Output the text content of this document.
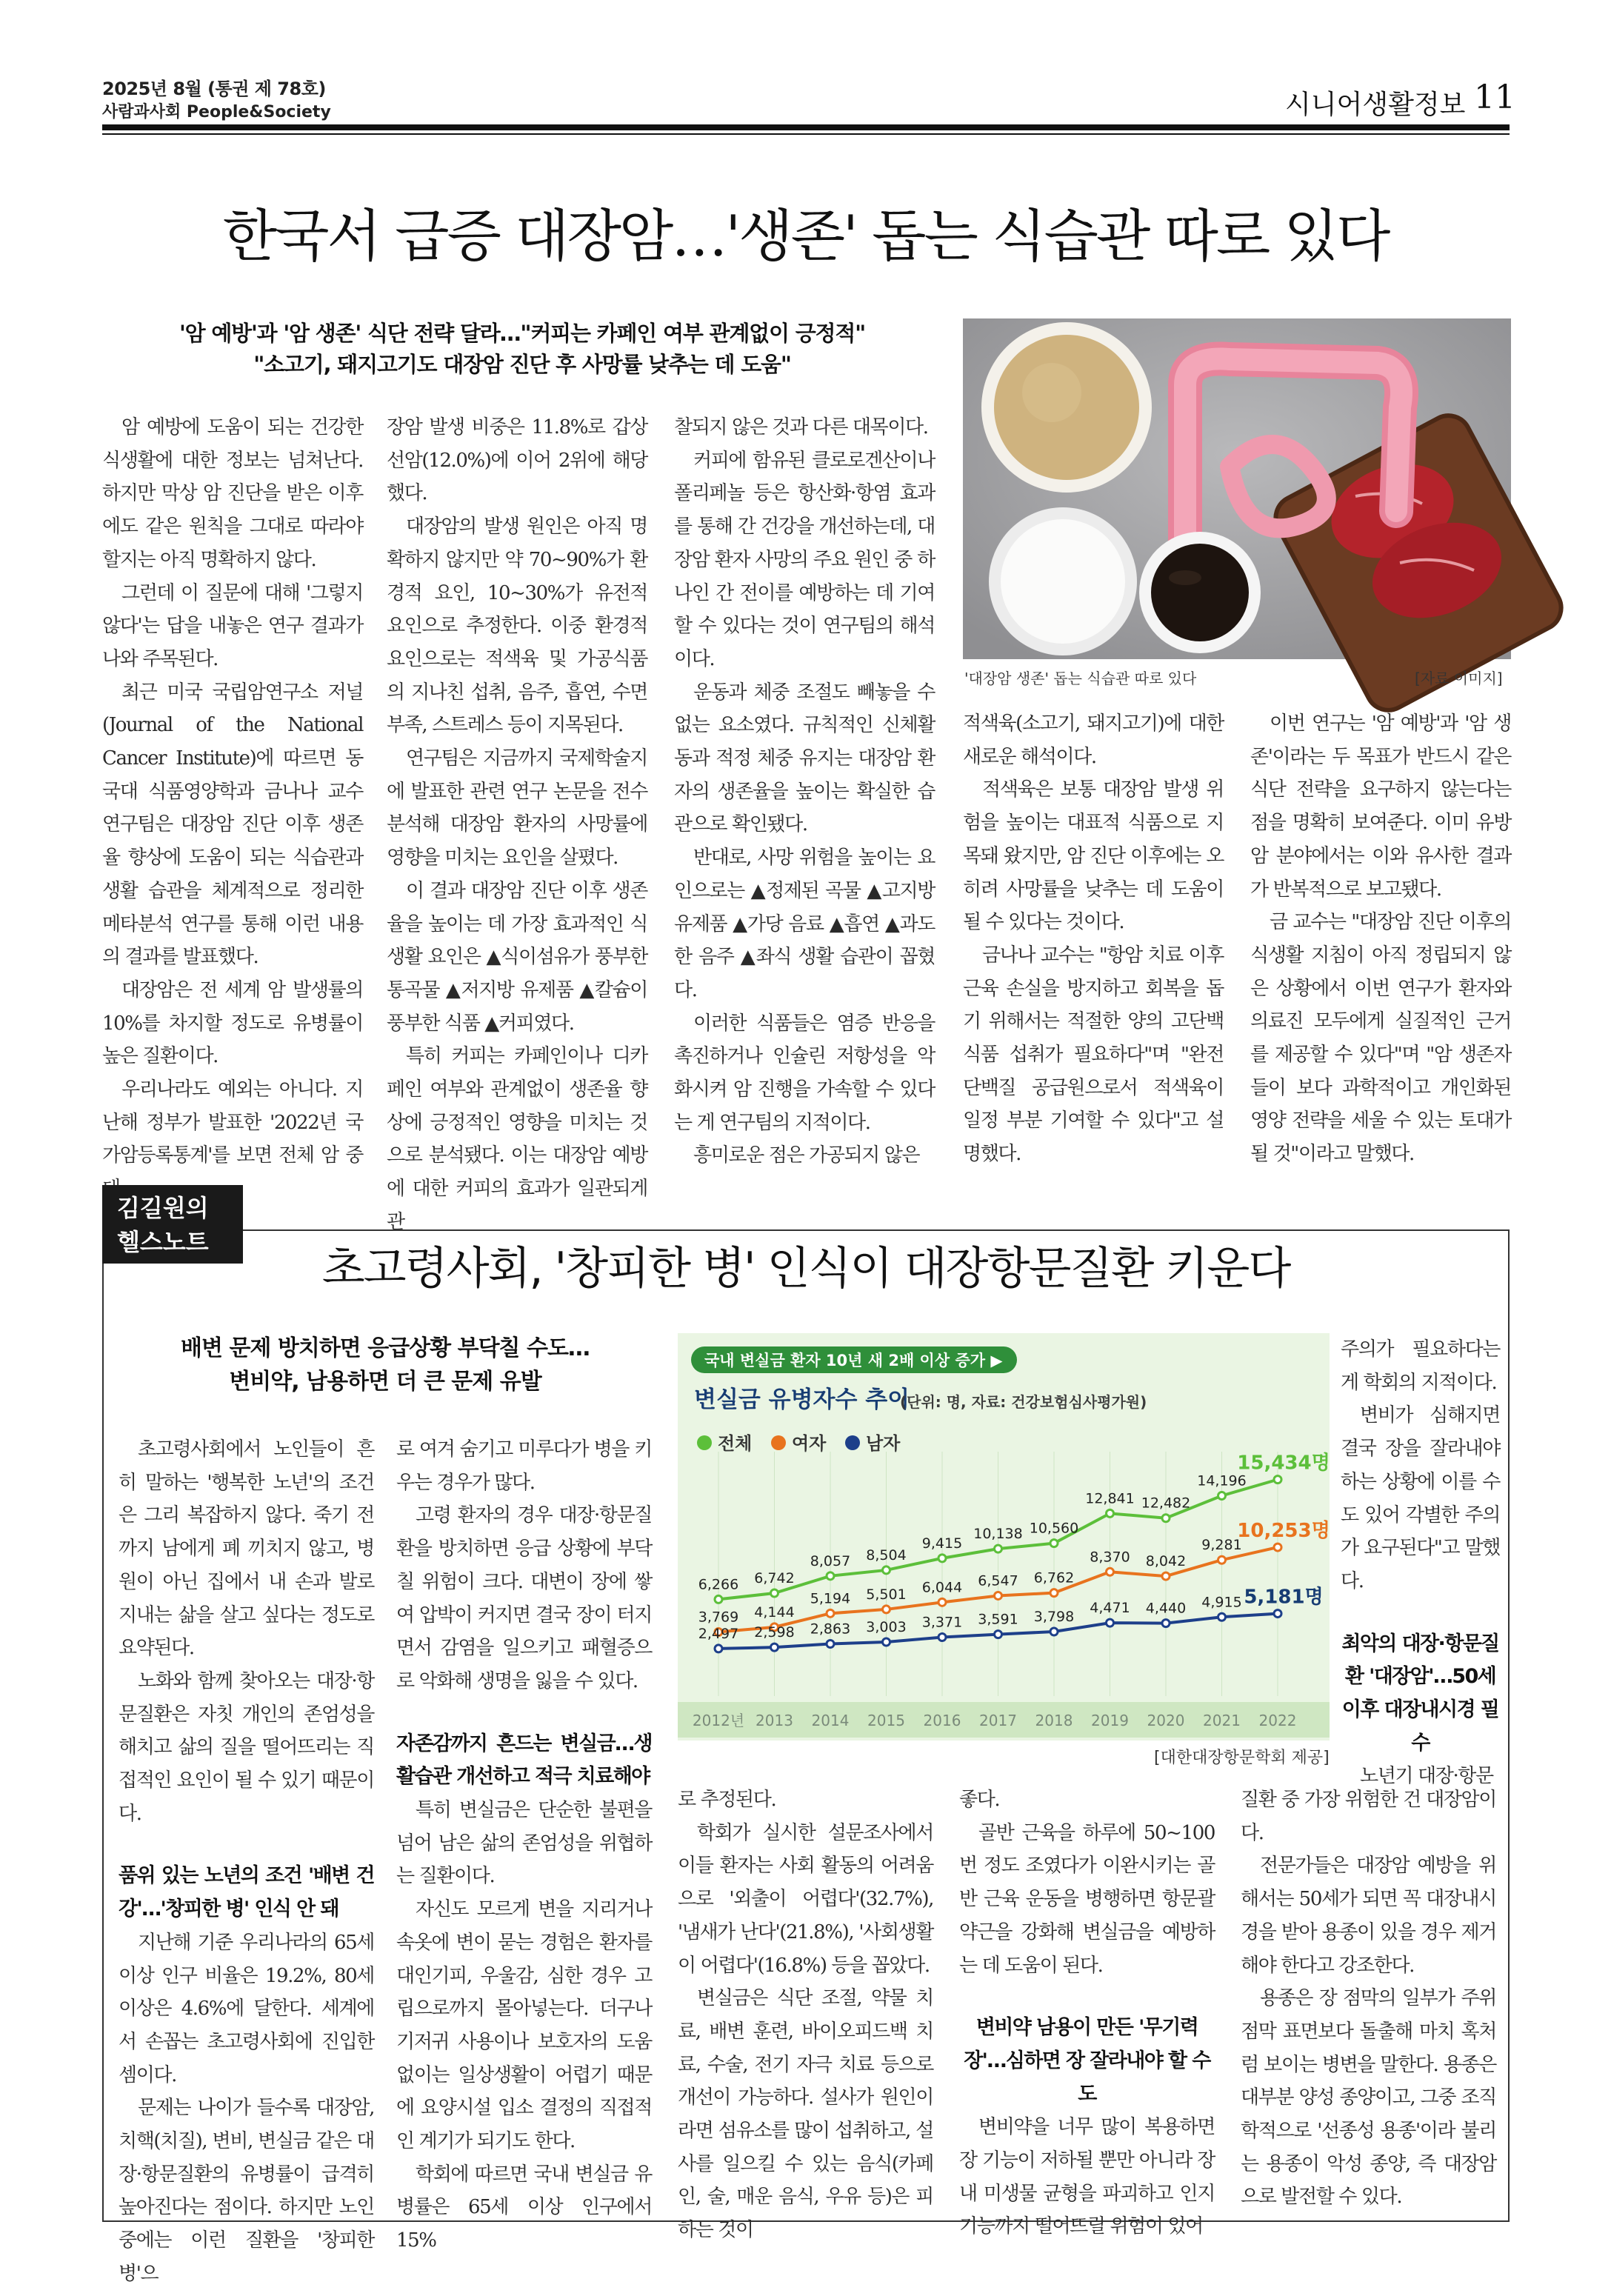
2025년 8월 (통권 제 78호)
사람과사회 People&Society	시니어생활정보 11
한국서 급증 대장암…'생존' 돕는 식습관 따로 있다
'암 예방'과 '암 생존' 식단 전략 달라…"커피는 카페인 여부 관계없이 긍정적"
"소고기, 돼지고기도 대장암 진단 후 사망률 낮추는 데 도움"
'대장암 생존' 돕는 식습관 따로 있다	[자료 이미지]

암 예방에 도움이 되는 건강한 식생활에 대한 정보는 넘쳐난다. 하지만 막상 암 진단을 받은 이후에도 같은 원칙을 그대로 따라야 할지는 아직 명확하지 않다.

그런데 이 질문에 대해 '그렇지 않다'는 답을 내놓은 연구 결과가 나와 주목된다.

최근 미국 국립암연구소 저널(Journal of the National Cancer Institute)에 따르면 동국대 식품영양학과 금나나 교수 연구팀은 대장암 진단 이후 생존율 향상에 도움이 되는 식습관과 생활 습관을 체계적으로 정리한 메타분석 연구를 통해 이런 내용의 결과를 발표했다.

대장암은 전 세계 암 발생률의 10%를 차지할 정도로 유병률이 높은 질환이다.

우리나라도 예외는 아니다. 지난해 정부가 발표한 '2022년 국가암등록통계'를 보면 전체 암 중

장암 발생 비중은 11.8%로 갑상선암(12.0%)에 이어 2위에 해당했다.

대장암의 발생 원인은 아직 명확하지 않지만 약 70~90%가 환경적 요인, 10~30%가 유전적 요인으로 추정한다. 이중 환경적 요인으로는 적색육 및 가공식품의 지나친 섭취, 음주, 흡연, 수면 부족, 스트레스 등이 지목된다.

연구팀은 지금까지 국제학술지에 발표한 관련 연구 논문을 전수 분석해 대장암 환자의 사망률에 영향을 미치는 요인을 살폈다.

이 결과 대장암 진단 이후 생존율을 높이는 데 가장 효과적인 식생활 요인은 ▲식이섬유가 풍부한 통곡물 ▲저지방 유제품 ▲칼슘이 풍부한 식품 ▲커피였다.

특히 커피는 카페인이나 디카페인 여부와 관계없이 생존율 향상에 긍정적인 영향을 미치는 것으로 분석됐다. 이는 대장암 예방에 대한 커피의 효과가 일관되게 관

찰되지 않은 것과 다른 대목이다.

커피에 함유된 클로로겐산이나 폴리페놀 등은 항산화·항염 효과를 통해 간 건강을 개선하는데, 대장암 환자 사망의 주요 원인 중 하나인 간 전이를 예방하는 데 기여할 수 있다는 것이 연구팀의 해석이다.

운동과 체중 조절도 빼놓을 수 없는 요소였다. 규칙적인 신체활동과 적정 체중 유지는 대장암 환자의 생존율을 높이는 확실한 습관으로 확인됐다.

반대로, 사망 위험을 높이는 요인으로는 ▲정제된 곡물 ▲고지방 유제품 ▲가당 음료 ▲흡연 ▲과도한 음주 ▲좌식 생활 습관이 꼽혔다.

이러한 식품들은 염증 반응을 촉진하거나 인슐린 저항성을 악화시켜 암 진행을 가속할 수 있다는 게 연구팀의 지적이다.

흥미로운 점은 가공되지 않은

적색육(소고기, 돼지고기)에 대한 새로운 해석이다.

적색육은 보통 대장암 발생 위험을 높이는 대표적 식품으로 지목돼 왔지만, 암 진단 이후에는 오히려 사망률을 낮추는 데 도움이 될 수 있다는 것이다.

금나나 교수는 "항암 치료 이후 근육 손실을 방지하고 회복을 돕기 위해서는 적절한 양의 고단백 식품 섭취가 필요하다"며 "완전 단백질 공급원으로서 적색육이 일정 부분 기여할 수 있다"고 설명했다.

이번 연구는 '암 예방'과 '암 생존'이라는 두 목표가 반드시 같은 식단 전략을 요구하지 않는다는 점을 명확히 보여준다. 이미 유방암 분야에서는 이와 유사한 결과가 반복적으로 보고됐다.

금 교수는 "대장암 진단 이후의 식생활 지침이 아직 정립되지 않은 상황에서 이번 연구가 환자와 의료진 모두에게 실질적인 근거를 제공할 수 있다"며 "암 생존자들이 보다 과학적이고 개인화된 영양 전략을 세울 수 있는 토대가 될 것"이라고 말했다.

김길원의
헬스노트
초고령사회, '창피한 병' 인식이 대장항문질환 키운다
배변 문제 방치하면 응급상황 부닥칠 수도…
변비약, 남용하면 더 큰 문제 유발
국내 변실금 환자 10년 새 2배 이상 증가 ▶
변실금 유병자수 추이
(단위: 명, 자료: 건강보험심사평가원)
전체 여자 남자
2012년 2013 2014 2015 2016 2017 2018 2019 2020 2021 2022
6,266 6,742
8,057 8,504
9,415
10,138 10,560
12,841 12,482
14,196
15,434명
3,769 4,144
5,194 5,501 6,044 6,547 6,762
8,370 8,042
9,281
10,253명
2,497 2,598 2,863 3,003 3,371 3,591 3,798
4,471 4,440 4,915 5,181명
[대한대장항문학회 제공]

초고령사회에서 노인들이 흔히 말하는 '행복한 노년'의 조건은 그리 복잡하지 않다. 죽기 전까지 남에게 폐 끼치지 않고, 병원이 아닌 집에서 내 손과 발로 지내는 삶을 살고 싶다는 정도로 요약된다.

노화와 함께 찾아오는 대장·항문질환은 자칫 개인의 존엄성을 해치고 삶의 질을 떨어뜨리는 직접적인 요인이 될 수 있기 때문이다.

품위 있는 노년의 조건 '배변 건강'…'창피한 병' 인식 안 돼

지난해 기준 우리나라의 65세 이상 인구 비율은 19.2%, 80세 이상은 4.6%에 달한다. 세계에서 손꼽는 초고령사회에 진입한 셈이다.

문제는 나이가 들수록 대장암, 치핵(치질), 변비, 변실금 같은 대장·항문질환의 유병률이 급격히 높아진다는 점이다. 하지만 노인 중에는 이런 질환을 '창피한 병'으

로 여겨 숨기고 미루다가 병을 키우는 경우가 많다.

고령 환자의 경우 대장·항문질환을 방치하면 응급 상황에 부닥칠 위험이 크다. 대변이 장에 쌓여 압박이 커지면 결국 장이 터지면서 감염을 일으키고 패혈증으로 악화해 생명을 잃을 수 있다.

자존감까지 흔드는 변실금…생활습관 개선하고 적극 치료해야

특히 변실금은 단순한 불편을 넘어 남은 삶의 존엄성을 위협하는 질환이다.

자신도 모르게 변을 지리거나 속옷에 변이 묻는 경험은 환자를 대인기피, 우울감, 심한 경우 고립으로까지 몰아넣는다. 더구나 기저귀 사용이나 보호자의 도움 없이는 일상생활이 어렵기 때문에 요양시설 입소 결정의 직접적인 계기가 되기도 한다.

학회에 따르면 국내 변실금 유병률은 65세 이상 인구에서 15%

로 추정된다.

학회가 실시한 설문조사에서 이들 환자는 사회 활동의 어려움으로 '외출이 어렵다'(32.7%), '냄새가 난다'(21.8%), '사회생활이 어렵다'(16.8%) 등을 꼽았다.

변실금은 식단 조절, 약물 치료, 배변 훈련, 바이오피드백 치료, 수술, 전기 자극 치료 등으로 개선이 가능하다. 설사가 원인이라면 섬유소를 많이 섭취하고, 설사를 일으킬 수 있는 음식(카페인, 술, 매운 음식, 우유 등)은 피하는 것이

좋다.

골반 근육을 하루에 50~100번 정도 조였다가 이완시키는 골반 근육 운동을 병행하면 항문괄약근을 강화해 변실금을 예방하는 데 도움이 된다.

변비약 남용이 만든 '무기력장'…심하면 장 잘라내야 할 수도

변비약을 너무 많이 복용하면 장 기능이 저하될 뿐만 아니라 장 내 미생물 균형을 파괴하고 인지 기능까지 떨어뜨릴 위험이 있어

주의가 필요하다는 게 학회의 지적이다.

변비가 심해지면 결국 장을 잘라내야 하는 상황에 이를 수도 있어 각별한 주의가 요구된다"고 말했다.

최악의 대장·항문질환 '대장암'…50세 이후 대장내시경 필수

노년기 대장·항문

질환 중 가장 위험한 건 대장암이다.

전문가들은 대장암 예방을 위해서는 50세가 되면 꼭 대장내시경을 받아 용종이 있을 경우 제거해야 한다고 강조한다.

용종은 장 점막의 일부가 주위 점막 표면보다 돌출해 마치 혹처럼 보이는 병변을 말한다. 용종은 대부분 양성 종양이고, 그중 조직학적으로 '선종성 용종'이라 불리는 용종이 악성 종양, 즉 대장암으로 발전할 수 있다.
